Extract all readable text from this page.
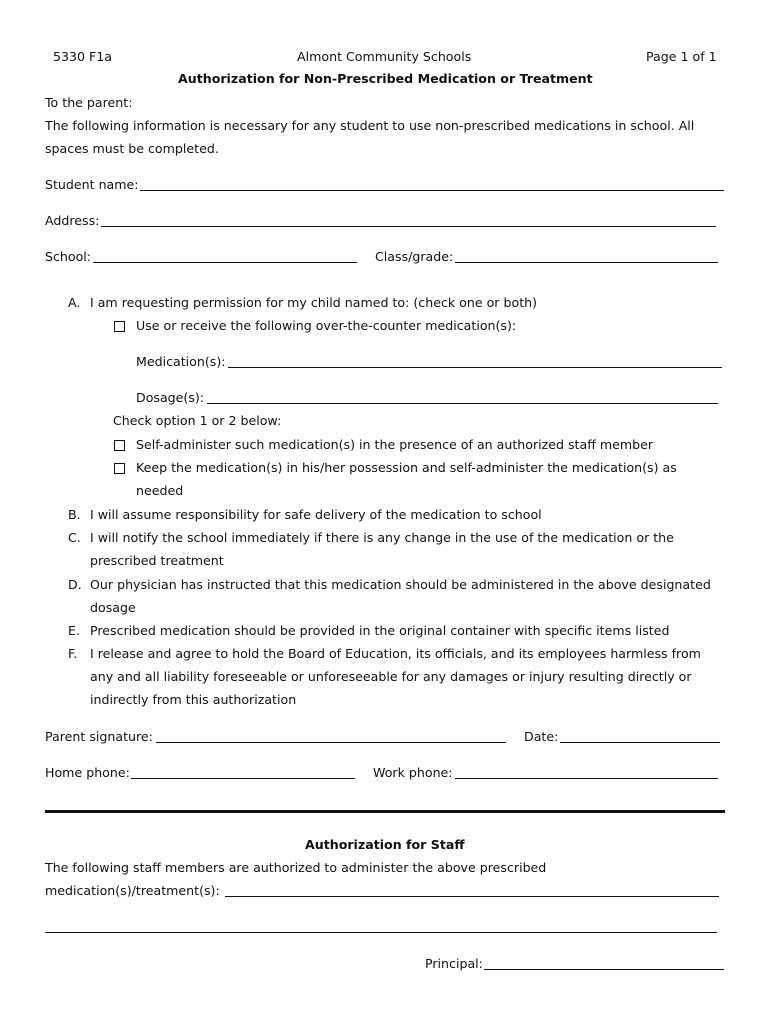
5330 F1a	Almont Community Schools	Page 1 of 1
Authorization for Non-Prescribed Medication or Treatment
To the parent:
The following information is necessary for any student to use non-prescribed medications in school. All
spaces must be completed.
Student name:
Address:
School:	Class/grade:
A. I am requesting permission for my child named to: (check one or both)
Use or receive the following over-the-counter medication(s):
Medication(s):
Dosage(s):
Check option 1 or 2 below:
Self-administer such medication(s) in the presence of an authorized staff member
Keep the medication(s) in his/her possession and self-administer the medication(s) as
needed
B. I will assume responsibility for safe delivery of the medication to school
C. I will notify the school immediately if there is any change in the use of the medication or the
prescribed treatment
D. Our physician has instructed that this medication should be administered in the above designated
dosage
E. Prescribed medication should be provided in the original container with specific items listed
F. I release and agree to hold the Board of Education, its officials, and its employees harmless from
any and all liability foreseeable or unforeseeable for any damages or injury resulting directly or
indirectly from this authorization
Parent signature:	Date:
Home phone:	Work phone:
Authorization for Staff
The following staff members are authorized to administer the above prescribed
medication(s)/treatment(s):
Principal:
